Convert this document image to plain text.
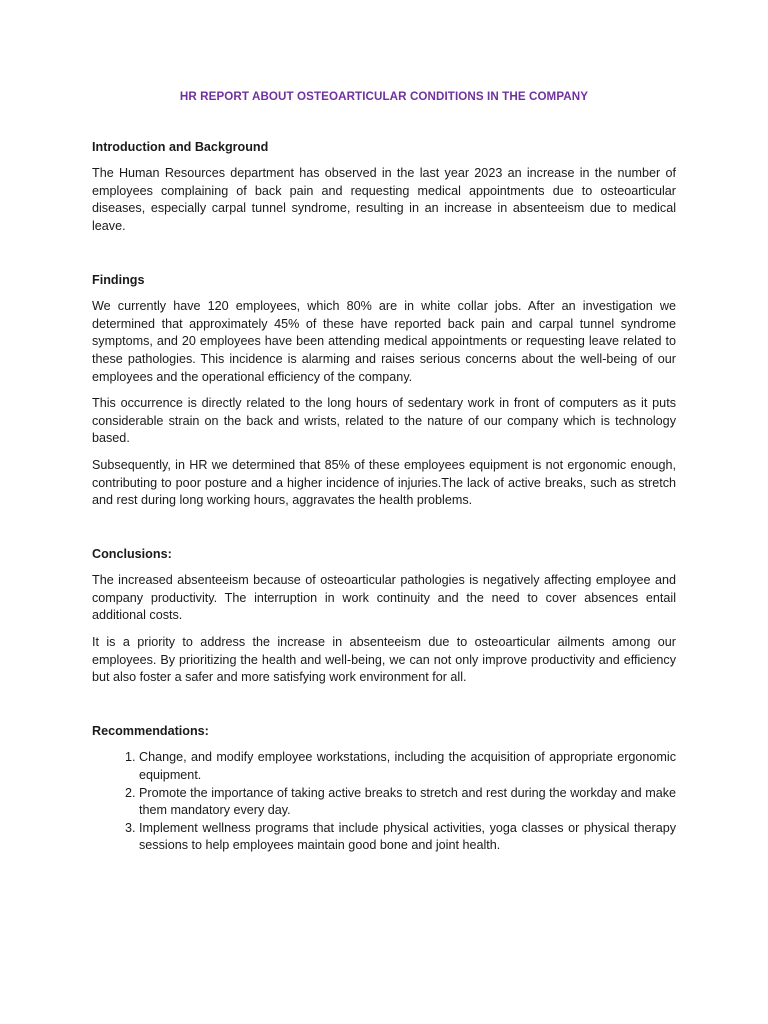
HR REPORT ABOUT OSTEOARTICULAR CONDITIONS IN THE COMPANY
Introduction and Background

The Human Resources department has observed in the last year 2023 an increase in the number of employees complaining of back pain and requesting medical appointments due to osteoarticular diseases, especially carpal tunnel syndrome, resulting in an increase in absenteeism due to medical leave.

Findings

We currently have 120 employees, which 80% are in white collar jobs. After an investigation we determined that approximately 45% of these have reported back pain and carpal tunnel syndrome symptoms, and 20 employees have been attending medical appointments or requesting leave related to these pathologies. This incidence is alarming and raises serious concerns about the well-being of our employees and the operational efficiency of the company.

This occurrence is directly related to the long hours of sedentary work in front of computers as it puts considerable strain on the back and wrists, related to the nature of our company which is technology based.

Subsequently, in HR we determined that 85% of these employees equipment is not ergonomic enough, contributing to poor posture and a higher incidence of injuries.The lack of active breaks, such as stretch and rest during long working hours, aggravates the health problems.

Conclusions:

The increased absenteeism because of osteoarticular pathologies is negatively affecting employee and company productivity. The interruption in work continuity and the need to cover absences entail additional costs.

It is a priority to address the increase in absenteeism due to osteoarticular ailments among our employees. By prioritizing the health and well-being, we can not only improve productivity and efficiency but also foster a safer and more satisfying work environment for all.

Recommendations:
1. Change, and modify employee workstations, including the acquisition of appropriate ergonomic equipment.
2. Promote the importance of taking active breaks to stretch and rest during the workday and make them mandatory every day.
3. Implement wellness programs that include physical activities, yoga classes or physical therapy sessions to help employees maintain good bone and joint health.
